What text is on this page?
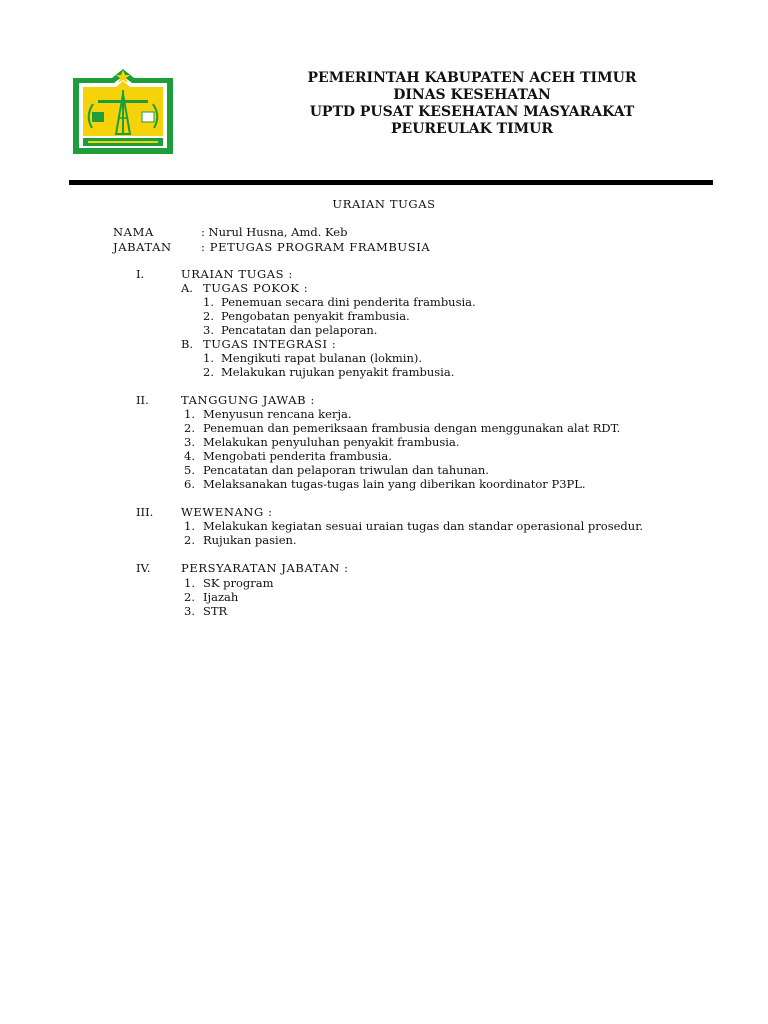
PEMERINTAH KABUPATEN ACEH TIMUR
DINAS KESEHATAN
UPTD PUSAT KESEHATAN MASYARAKAT
PEUREULAK TIMUR
URAIAN TUGAS
NAMA	: Nurul Husna, Amd. Keb
JABATAN	: PETUGAS PROGRAM FRAMBUSIA
I.	URAIAN TUGAS :
A. TUGAS POKOK :
1. Penemuan secara dini penderita frambusia.
2. Pengobatan penyakit frambusia.
3. Pencatatan dan pelaporan.
B. TUGAS INTEGRASI :
1. Mengikuti rapat bulanan (lokmin).
2. Melakukan rujukan penyakit frambusia.
II.	TANGGUNG JAWAB :
1. Menyusun rencana kerja.
2. Penemuan dan pemeriksaan frambusia dengan menggunakan alat RDT.
3. Melakukan penyuluhan penyakit frambusia.
4. Mengobati penderita frambusia.
5. Pencatatan dan pelaporan triwulan dan tahunan.
6. Melaksanakan tugas-tugas lain yang diberikan koordinator P3PL.
III. WEWENANG :
1. Melakukan kegiatan sesuai uraian tugas dan standar operasional prosedur.
2. Rujukan pasien.
IV.	PERSYARATAN JABATAN :
1. SK program
2. Ijazah
3. STR
